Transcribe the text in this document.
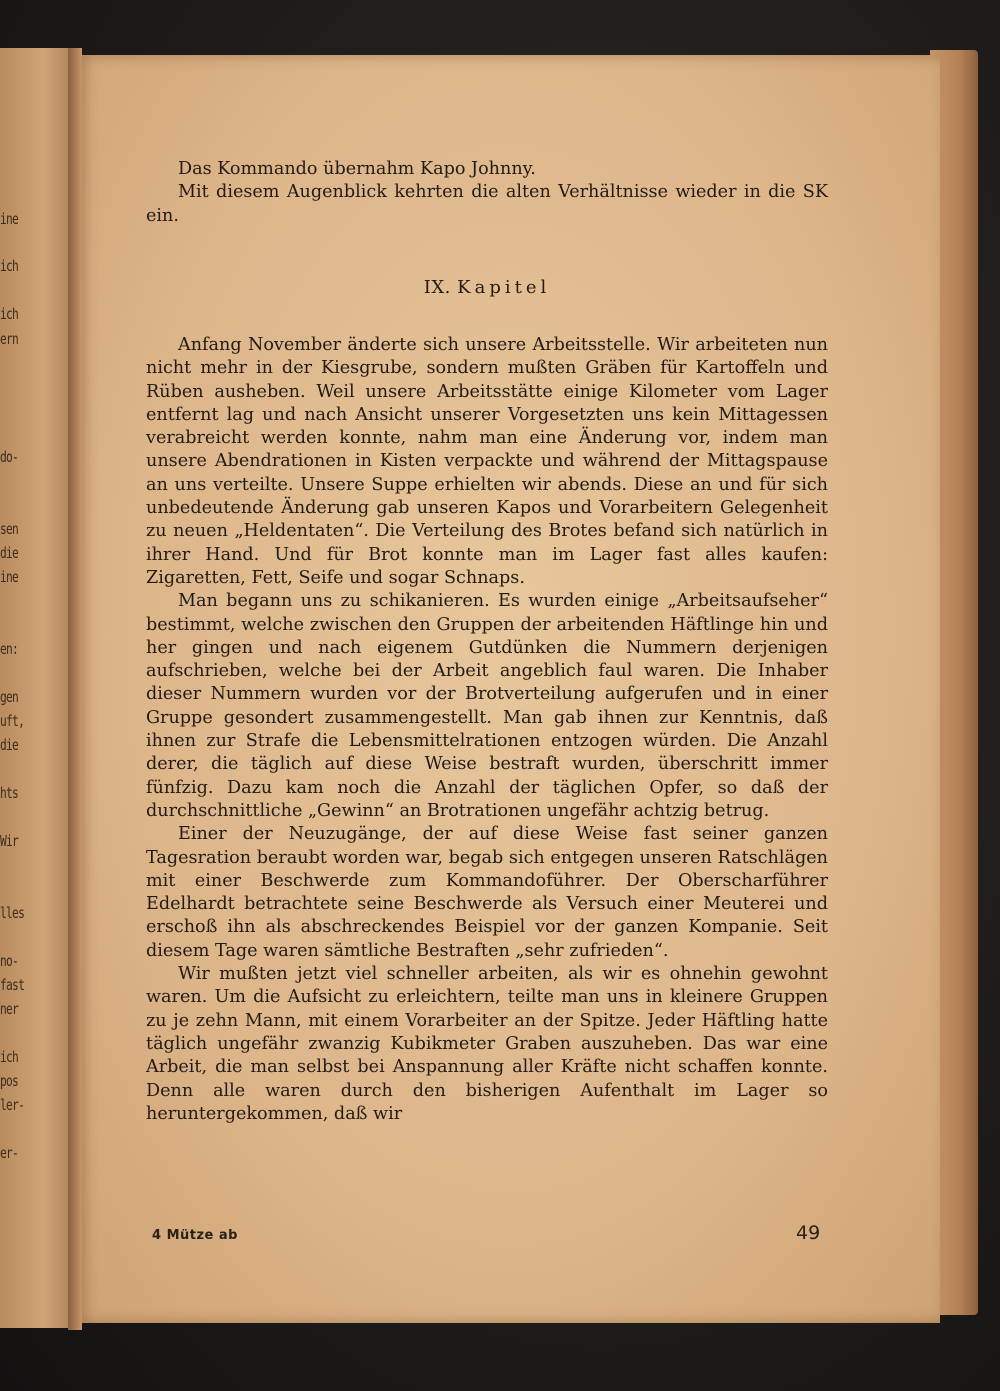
ine
ich
ich
ern
do-
sen
die
ine
en:
gen
uft,
die
hts
Wir
lles
no-
fast
ner
ich
pos
ler-
er-

Das Kommando übernahm Kapo Johnny.

Mit diesem Augenblick kehrten die alten Verhältnisse wieder in die SK ein.

IX. Kapitel

Anfang November änderte sich unsere Arbeitsstelle. Wir arbeiteten nun nicht mehr in der Kiesgrube, sondern mußten Gräben für Kartoffeln und Rüben ausheben. Weil unsere Arbeitsstätte einige Kilometer vom Lager entfernt lag und nach Ansicht unserer Vorgesetzten uns kein Mittagessen verabreicht werden konnte, nahm man eine Änderung vor, indem man unsere Abendrationen in Kisten verpackte und während der Mittagspause an uns verteilte. Unsere Suppe erhielten wir abends. Diese an und für sich unbedeutende Änderung gab unseren Kapos und Vorarbeitern Gelegenheit zu neuen „Heldentaten“. Die Verteilung des Brotes befand sich natürlich in ihrer Hand. Und für Brot konnte man im Lager fast alles kaufen: Zigaretten, Fett, Seife und sogar Schnaps.

Man begann uns zu schikanieren. Es wurden einige „Arbeitsaufseher“ bestimmt, welche zwischen den Gruppen der arbeitenden Häftlinge hin und her gingen und nach eigenem Gutdünken die Nummern derjenigen aufschrieben, welche bei der Arbeit angeblich faul waren. Die Inhaber dieser Nummern wurden vor der Brotverteilung aufgerufen und in einer Gruppe gesondert zusammengestellt. Man gab ihnen zur Kenntnis, daß ihnen zur Strafe die Lebensmittelrationen entzogen würden. Die Anzahl derer, die täglich auf diese Weise bestraft wurden, überschritt immer fünfzig. Dazu kam noch die Anzahl der täglichen Opfer, so daß der durchschnittliche „Gewinn“ an Brotrationen ungefähr achtzig betrug.

Einer der Neuzugänge, der auf diese Weise fast seiner ganzen Tagesration beraubt worden war, begab sich entgegen unseren Ratschlägen mit einer Beschwerde zum Kommandoführer. Der Oberscharführer Edelhardt betrachtete seine Beschwerde als Versuch einer Meuterei und erschoß ihn als abschreckendes Beispiel vor der ganzen Kompanie. Seit diesem Tage waren sämtliche Bestraften „sehr zufrieden“.

Wir mußten jetzt viel schneller arbeiten, als wir es ohnehin gewohnt waren. Um die Aufsicht zu erleichtern, teilte man uns in kleinere Gruppen zu je zehn Mann, mit einem Vorarbeiter an der Spitze. Jeder Häftling hatte täglich ungefähr zwanzig Kubikmeter Graben auszuheben. Das war eine Arbeit, die man selbst bei Anspannung aller Kräfte nicht schaffen konnte. Denn alle waren durch den bisherigen Aufenthalt im Lager so heruntergekommen, daß wir

4 Mütze ab	49
